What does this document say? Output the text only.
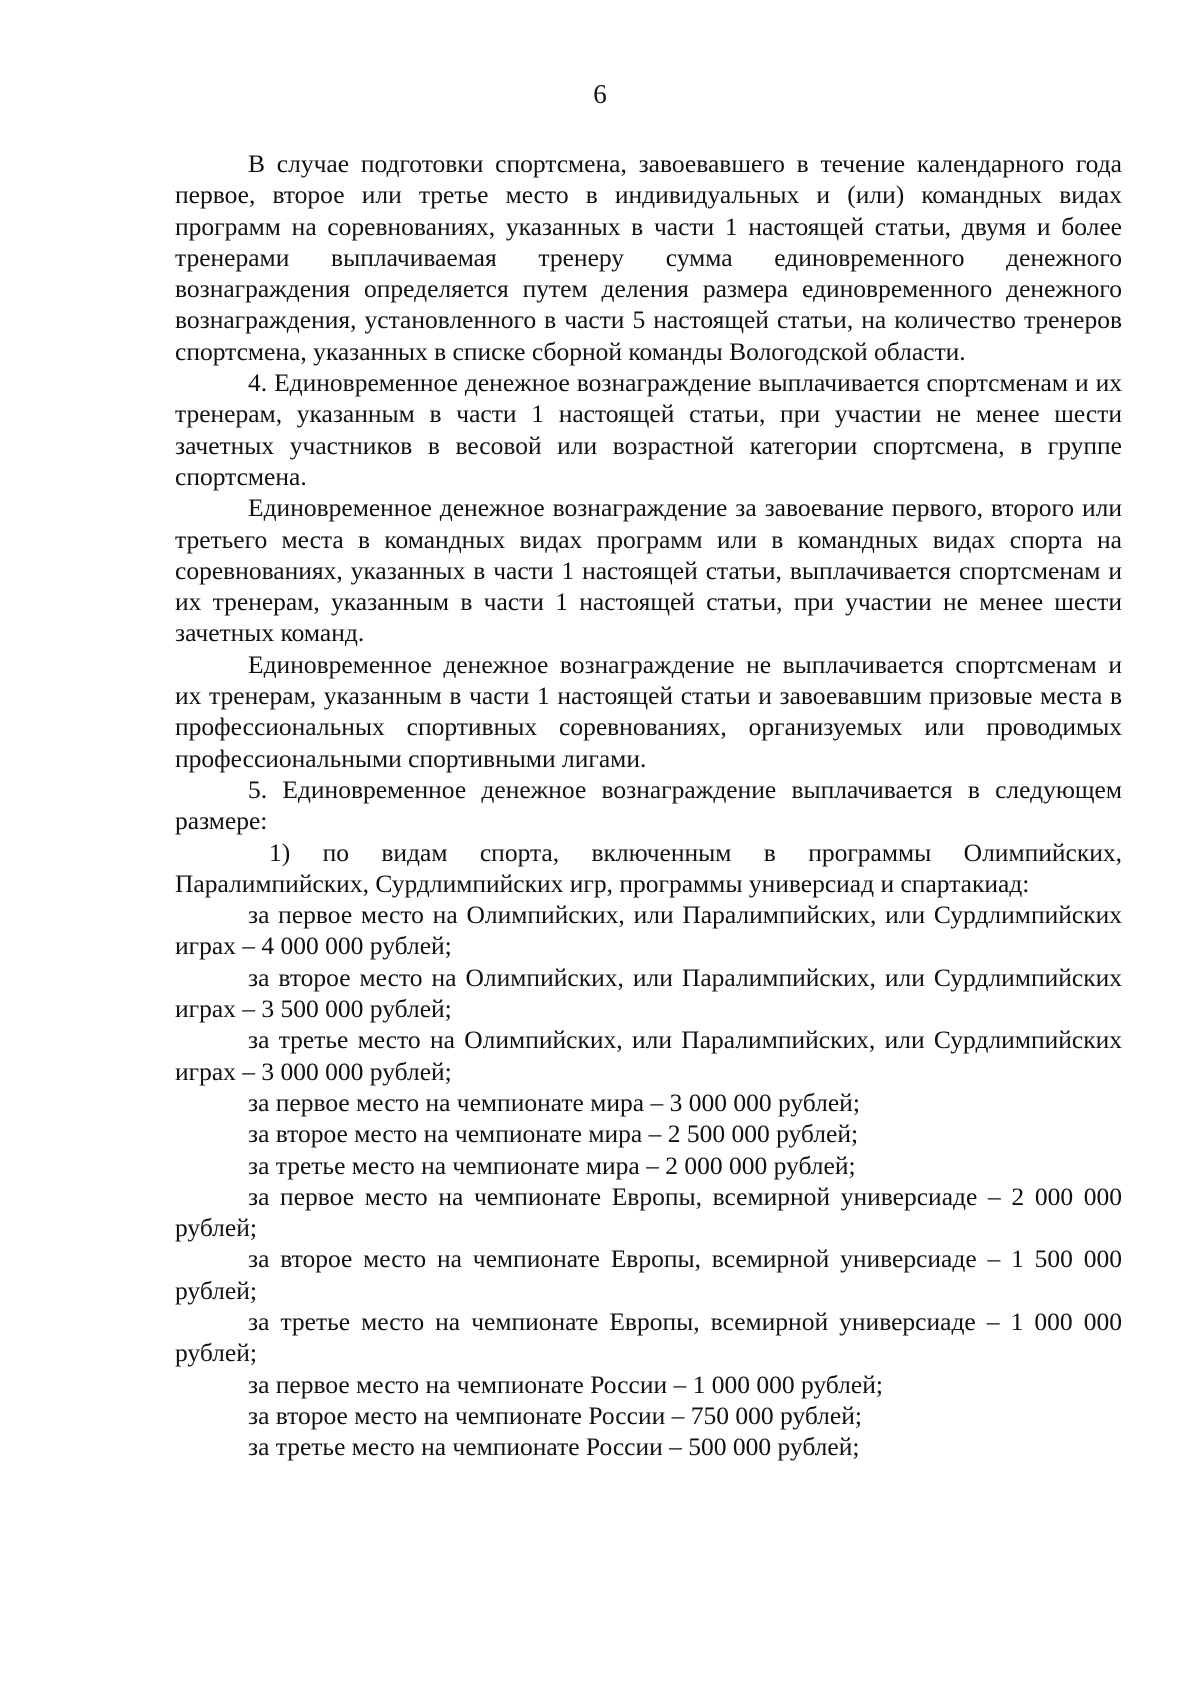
6

В случае подготовки спортсмена, завоевавшего в течение календарного года первое, второе или третье место в индивидуальных и (или) командных видах программ на соревнованиях, указанных в части 1 настоящей статьи, двумя и более тренерами выплачиваемая тренеру сумма единовременного денежного вознаграждения определяется путем деления размера единовременного денежного вознаграждения, установленного в части 5 настоящей статьи, на количество тренеров спортсмена, указанных в списке сборной команды Вологодской области.

4. Единовременное денежное вознаграждение выплачивается спортсменам и их тренерам, указанным в части 1 настоящей статьи, при участии не менее шести зачетных участников в весовой или возрастной категории спортсмена, в группе спортсмена.

Единовременное денежное вознаграждение за завоевание первого, второго или третьего места в командных видах программ или в командных видах спорта на соревнованиях, указанных в части 1 настоящей статьи, выплачивается спортсменам и их тренерам, указанным в части 1 настоящей статьи, при участии не менее шести зачетных команд.

Единовременное денежное вознаграждение не выплачивается спортсменам и их тренерам, указанным в части 1 настоящей статьи и завоевавшим призовые места в профессиональных спортивных соревнованиях, организуемых или проводимых профессиональными спортивными лигами.

5. Единовременное денежное вознаграждение выплачивается в следующем размере:

1) по видам спорта, включенным в программы Олимпийских, Паралимпийских, Сурдлимпийских игр, программы универсиад и спартакиад:

за первое место на Олимпийских, или Паралимпийских, или Сурдлимпийских играх – 4 000 000 рублей;

за второе место на Олимпийских, или Паралимпийских, или Сурдлимпийских играх – 3 500 000 рублей;

за третье место на Олимпийских, или Паралимпийских, или Сурдлимпийских играх – 3 000 000 рублей;

за первое место на чемпионате мира – 3 000 000 рублей;

за второе место на чемпионате мира – 2 500 000 рублей;

за третье место на чемпионате мира – 2 000 000 рублей;

за первое место на чемпионате Европы, всемирной универсиаде – 2 000 000 рублей;

за второе место на чемпионате Европы, всемирной универсиаде – 1 500 000 рублей;

за третье место на чемпионате Европы, всемирной универсиаде – 1 000 000 рублей;

за первое место на чемпионате России – 1 000 000 рублей;

за второе место на чемпионате России – 750 000 рублей;

за третье место на чемпионате России – 500 000 рублей;
